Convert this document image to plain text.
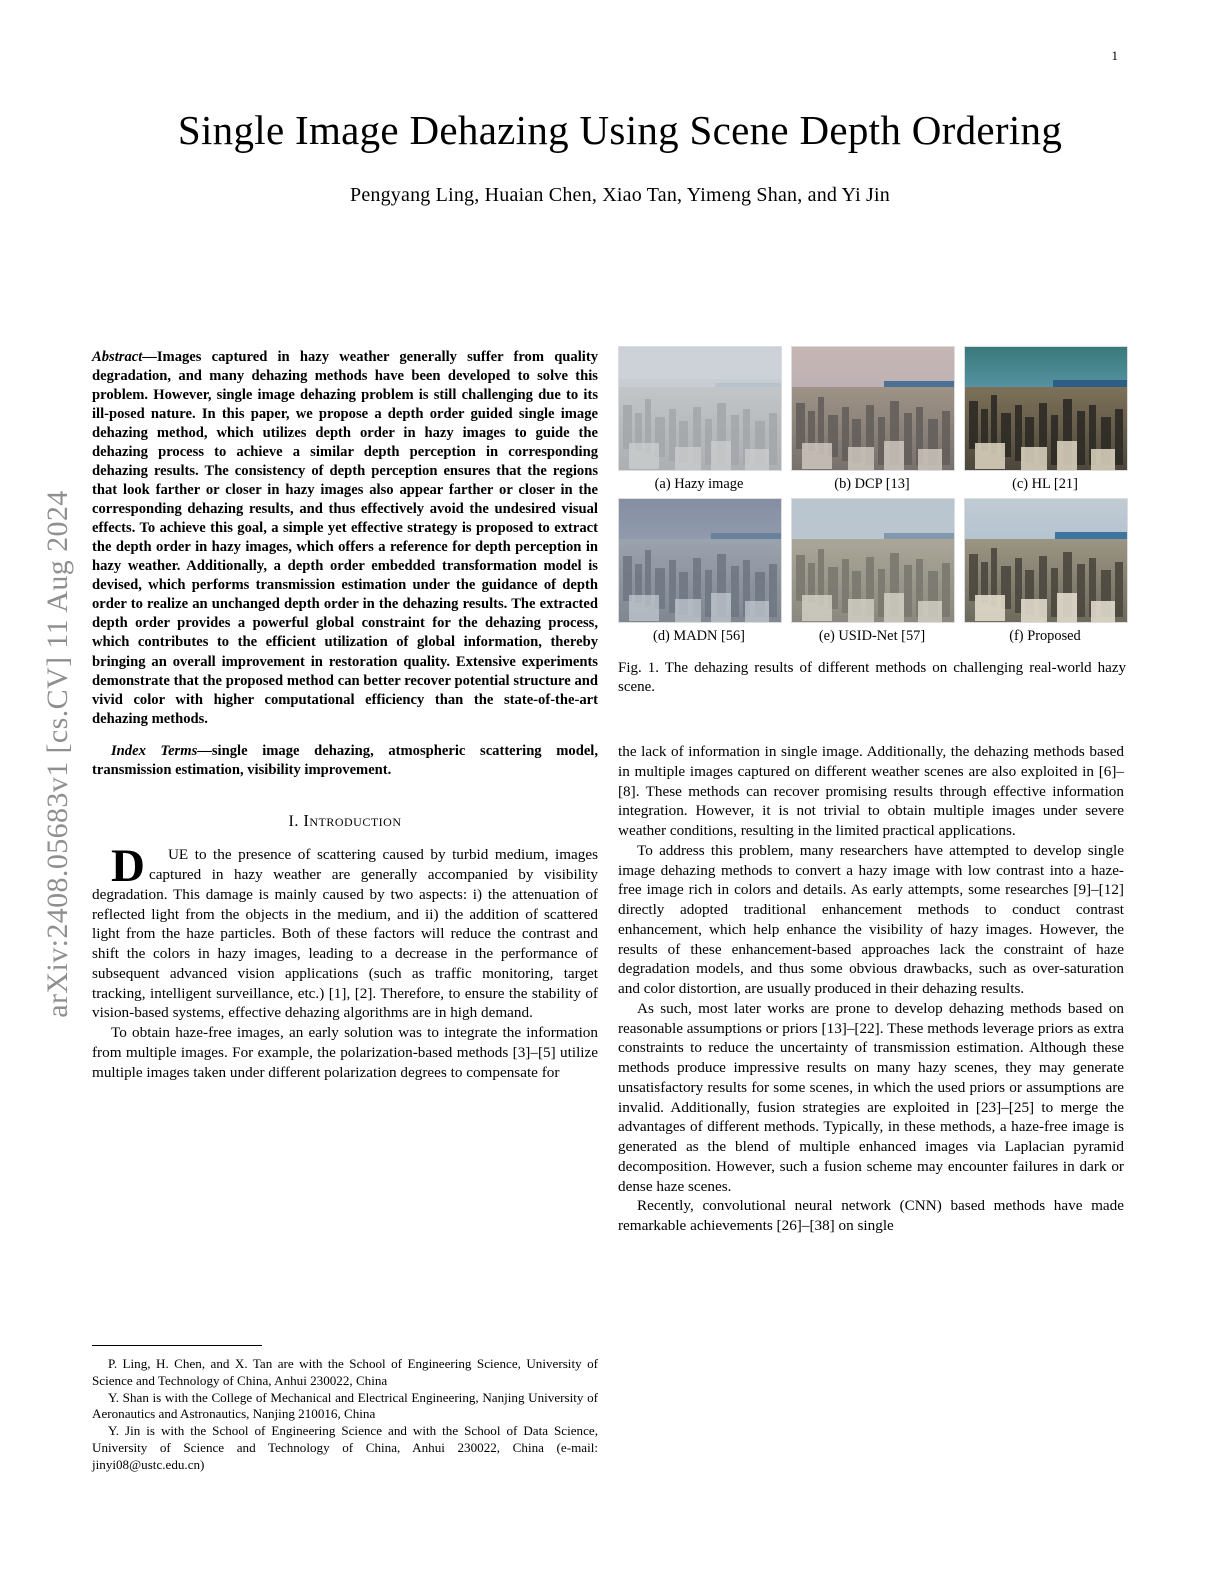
arXiv:2408.05683v1 [cs.CV] 11 Aug 2024
1
Single Image Dehazing Using Scene Depth Ordering
Pengyang Ling, Huaian Chen, Xiao Tan, Yimeng Shan, and Yi Jin
Abstract—Images captured in hazy weather generally suffer from quality degradation, and many dehazing methods have been developed to solve this problem. However, single image dehazing problem is still challenging due to its ill-posed nature. In this paper, we propose a depth order guided single image dehazing method, which utilizes depth order in hazy images to guide the dehazing process to achieve a similar depth perception in corresponding dehazing results. The consistency of depth perception ensures that the regions that look farther or closer in hazy images also appear farther or closer in the corresponding dehazing results, and thus effectively avoid the undesired visual effects. To achieve this goal, a simple yet effective strategy is proposed to extract the depth order in hazy images, which offers a reference for depth perception in hazy weather. Additionally, a depth order embedded transformation model is devised, which performs transmission estimation under the guidance of depth order to realize an unchanged depth order in the dehazing results. The extracted depth order provides a powerful global constraint for the dehazing process, which contributes to the efficient utilization of global information, thereby bringing an overall improvement in restoration quality. Extensive experiments demonstrate that the proposed method can better recover potential structure and vivid color with higher computational efficiency than the state-of-the-art dehazing methods.
Index Terms—single image dehazing, atmospheric scattering model, transmission estimation, visibility improvement.
I. Introduction

D UE to the presence of scattering caused by turbid medium, images captured in hazy weather are generally accompanied by visibility degradation. This damage is mainly caused by two aspects: i) the attenuation of reflected light from the objects in the medium, and ii) the addition of scattered light from the haze particles. Both of these factors will reduce the contrast and shift the colors in hazy images, leading to a decrease in the performance of subsequent advanced vision applications (such as traffic monitoring, target tracking, intelligent surveillance, etc.) [1], [2]. Therefore, to ensure the stability of vision-based systems, effective dehazing algorithms are in high demand.

To obtain haze-free images, an early solution was to integrate the information from multiple images. For example, the polarization-based methods [3]–[5] utilize multiple images taken under different polarization degrees to compensate for

(a) Hazy image	(b) DCP [13]	(c) HL [21]
(d) MADN [56]	(e) USID-Net [57]	(f) Proposed
Fig. 1. The dehazing results of different methods on challenging real-world hazy scene.

the lack of information in single image. Additionally, the dehazing methods based in multiple images captured on different weather scenes are also exploited in [6]–[8]. These methods can recover promising results through effective information integration. However, it is not trivial to obtain multiple images under severe weather conditions, resulting in the limited practical applications.

To address this problem, many researchers have attempted to develop single image dehazing methods to convert a hazy image with low contrast into a haze-free image rich in colors and details. As early attempts, some researches [9]–[12] directly adopted traditional enhancement methods to conduct contrast enhancement, which help enhance the visibility of hazy images. However, the results of these enhancement-based approaches lack the constraint of haze degradation models, and thus some obvious drawbacks, such as over-saturation and color distortion, are usually produced in their dehazing results.

As such, most later works are prone to develop dehazing methods based on reasonable assumptions or priors [13]–[22]. These methods leverage priors as extra constraints to reduce the uncertainty of transmission estimation. Although these methods produce impressive results on many hazy scenes, they may generate unsatisfactory results for some scenes, in which the used priors or assumptions are invalid. Additionally, fusion strategies are exploited in [23]–[25] to merge the advantages of different methods. Typically, in these methods, a haze-free image is generated as the blend of multiple enhanced images via Laplacian pyramid decomposition. However, such a fusion scheme may encounter failures in dark or dense haze scenes.

Recently, convolutional neural network (CNN) based methods have made remarkable achievements [26]–[38] on single

P. Ling, H. Chen, and X. Tan are with the School of Engineering Science, University of Science and Technology of China, Anhui 230022, China

Y. Shan is with the College of Mechanical and Electrical Engineering, Nanjing University of Aeronautics and Astronautics, Nanjing 210016, China

Y. Jin is with the School of Engineering Science and with the School of Data Science, University of Science and Technology of China, Anhui 230022, China (e-mail: jinyi08@ustc.edu.cn)
